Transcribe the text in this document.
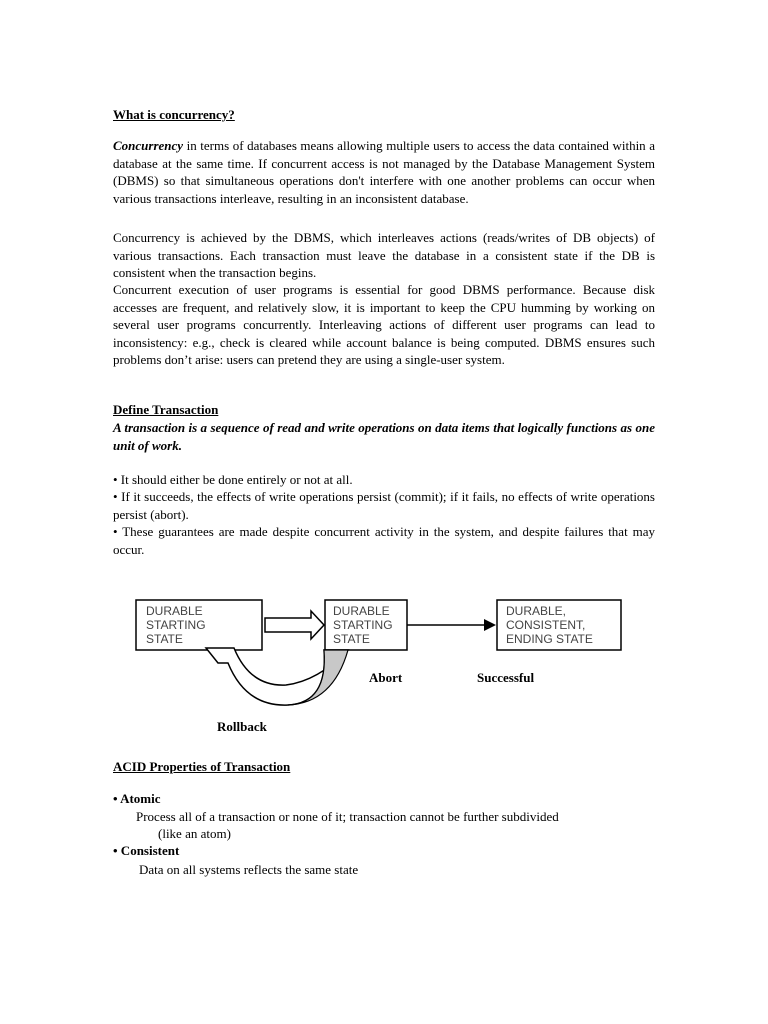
What is concurrency?
Concurrency in terms of databases means allowing multiple users to access the data contained within a database at the same time. If concurrent access is not managed by the Database Management System (DBMS) so that simultaneous operations don't interfere with one another problems can occur when various transactions interleave, resulting in an inconsistent database.
Concurrency is achieved by the DBMS, which interleaves actions (reads/writes of DB objects) of various transactions. Each transaction must leave the database in a consistent state if the DB is consistent when the transaction begins.
Concurrent execution of user programs is essential for good DBMS performance. Because disk accesses are frequent, and relatively slow, it is important to keep the CPU humming by working on several user programs concurrently. Interleaving actions of different user programs can lead to inconsistency: e.g., check is cleared while account balance is being computed. DBMS ensures such problems don’t arise: users can pretend they are using a single-user system.
Define Transaction
A transaction is a sequence of read and write operations on data items that logically functions as one unit of work.
• It should either be done entirely or not at all.
• If it succeeds, the effects of write operations persist (commit); if it fails, no effects of write operations persist (abort).
• These guarantees are made despite concurrent activity in the system, and despite failures that may occur.
DURABLE
STARTING
STATE
DURABLE
STARTING
STATE
DURABLE,
CONSISTENT,
ENDING STATE
Abort	Successful
Rollback
ACID Properties of Transaction
• Atomic
Process all of a transaction or none of it; transaction cannot be further subdivided
(like an atom)
• Consistent
Data on all systems reflects the same state
